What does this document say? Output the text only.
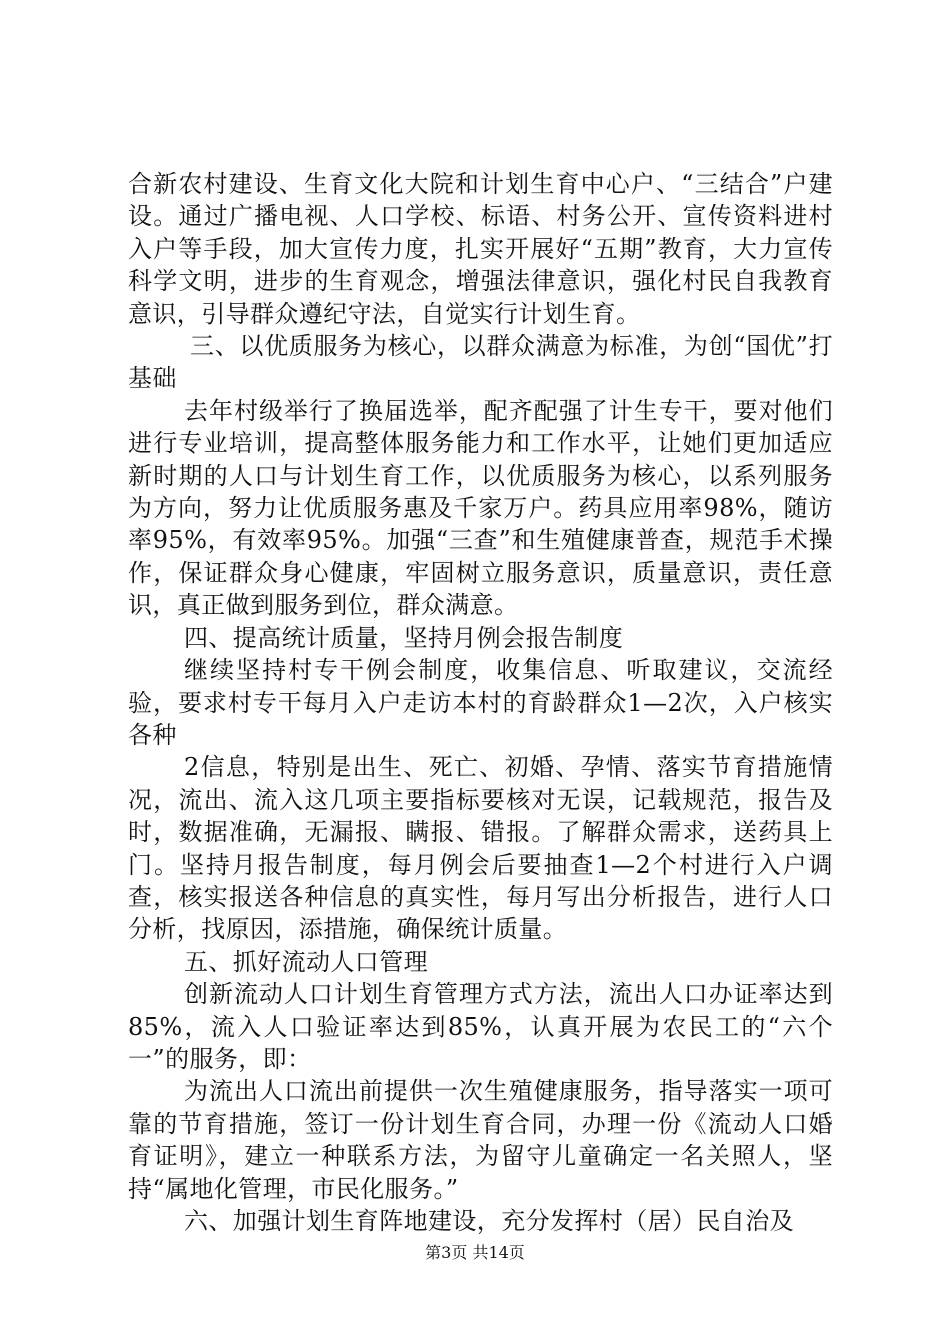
合新农村建设、生育文化大院和计划生育中心户、“三结合”户建设。通过广播电视、人口学校、标语、村务公开、宣传资料进村入户等手段，加大宣传力度，扎实开展好“五期”教育，大力宣传科学文明，进步的生育观念，增强法律意识，强化村民自我教育意识，引导群众遵纪守法，自觉实行计划生育。

三、以优质服务为核心，以群众满意为标准，为创“国优”打基础

去年村级举行了换届选举，配齐配强了计生专干，要对他们进行专业培训，提高整体服务能力和工作水平，让她们更加适应新时期的人口与计划生育工作，以优质服务为核心，以系列服务为方向，努力让优质服务惠及千家万户。药具应用率98%，随访率95%，有效率95%。加强“三查”和生殖健康普查，规范手术操作，保证群众身心健康，牢固树立服务意识，质量意识，责任意识，真正做到服务到位，群众满意。

四、提高统计质量，坚持月例会报告制度

继续坚持村专干例会制度，收集信息、听取建议，交流经验，要求村专干每月入户走访本村的育龄群众1—2次，入户核实各种

2信息，特别是出生、死亡、初婚、孕情、落实节育措施情况，流出、流入这几项主要指标要核对无误，记载规范，报告及时，数据准确，无漏报、瞒报、错报。了解群众需求，送药具上门。坚持月报告制度，每月例会后要抽查1—2个村进行入户调查，核实报送各种信息的真实性，每月写出分析报告，进行人口分析，找原因，添措施，确保统计质量。

五、抓好流动人口管理

创新流动人口计划生育管理方式方法，流出人口办证率达到85%，流入人口验证率达到85%，认真开展为农民工的“六个一”的服务，即：

为流出人口流出前提供一次生殖健康服务，指导落实一项可靠的节育措施，签订一份计划生育合同，办理一份《流动人口婚育证明》，建立一种联系方法，为留守儿童确定一名关照人，坚持“属地化管理，市民化服务。”

六、加强计划生育阵地建设，充分发挥村（居）民自治及

第3页 共14页
